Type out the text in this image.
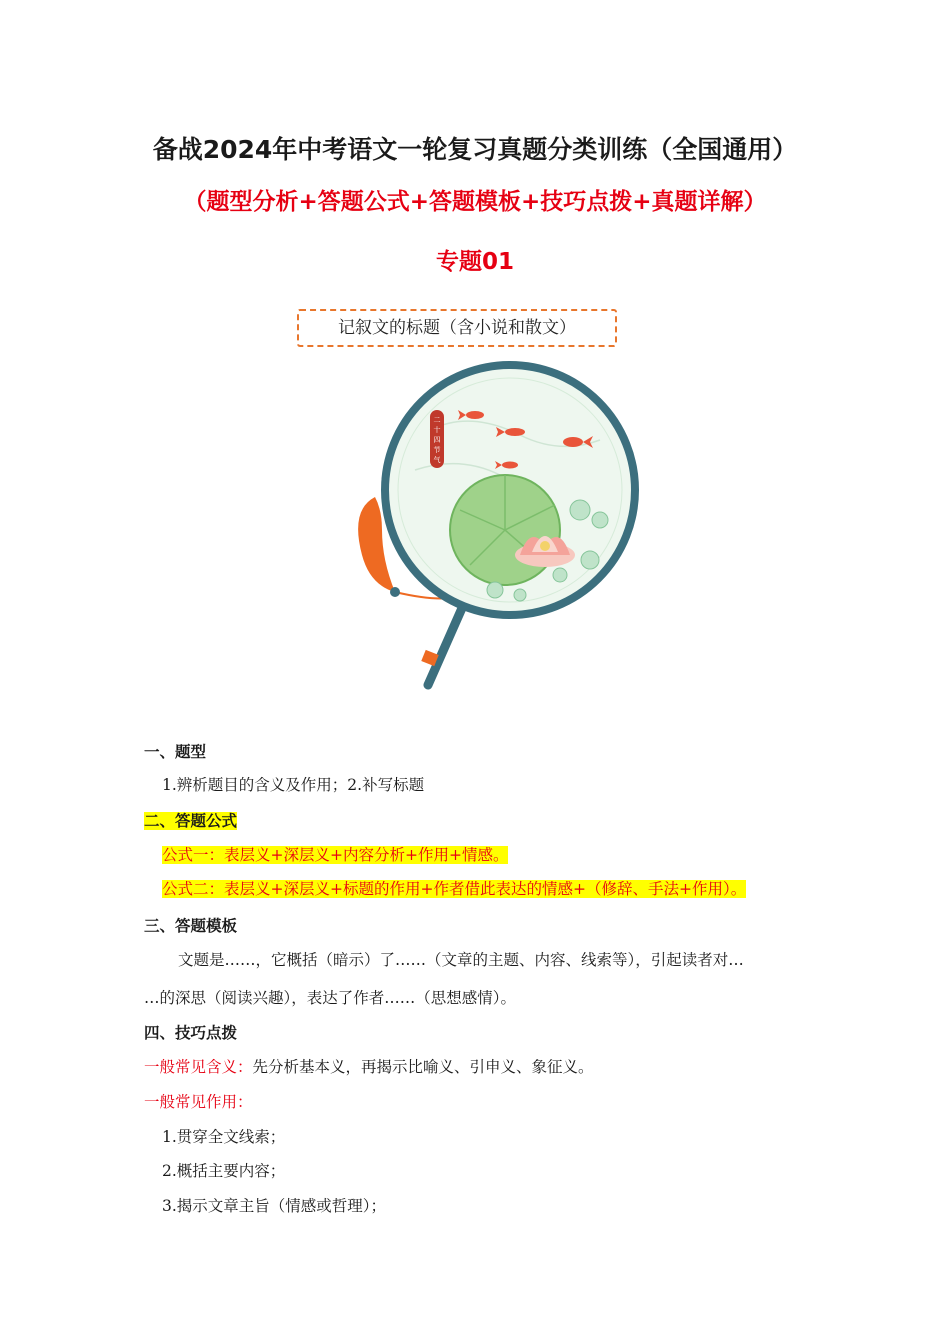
备战2024年中考语文一轮复习真题分类训练（全国通用）
（题型分析+答题公式+答题模板+技巧点拨+真题详解）
专题01
记叙文的标题（含小说和散文）
二
十
四
节
气
一、题型
1.辨析题目的含义及作用；2.补写标题
二、答题公式
公式一：表层义+深层义+内容分析+作用+情感。
公式二：表层义+深层义+标题的作用+作者借此表达的情感+（修辞、手法+作用）。
三、答题模板
文题是……，它概括（暗示）了……（文章的主题、内容、线索等），引起读者对…
…的深思（阅读兴趣），表达了作者……（思想感情）。
四、技巧点拨
一般常见含义：先分析基本义，再揭示比喻义、引申义、象征义。
一般常见作用：
1.贯穿全文线索；
2.概括主要内容；
3.揭示文章主旨（情感或哲理）；
